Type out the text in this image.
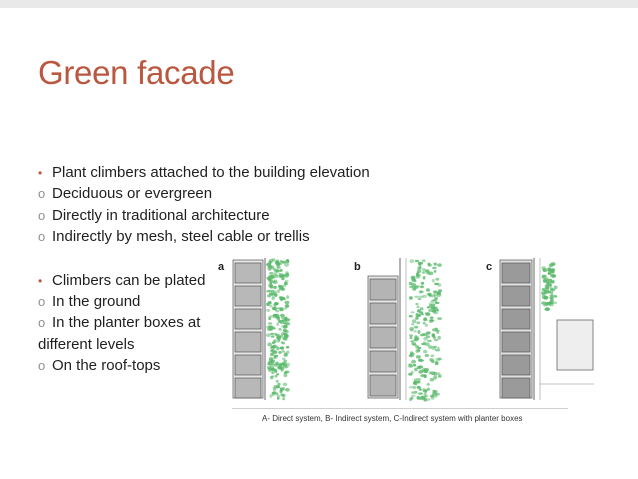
Green facade
• Plant climbers attached to the building elevation
o Deciduous or evergreen
o Directly in traditional architecture
o Indirectly by mesh, steel cable or trellis
• Climbers can be plated
o In the ground
o In the planter boxes at
different levels
o On the roof-tops
a	b	c
A- Direct system, B- Indirect system, C-Indirect system with planter boxes
